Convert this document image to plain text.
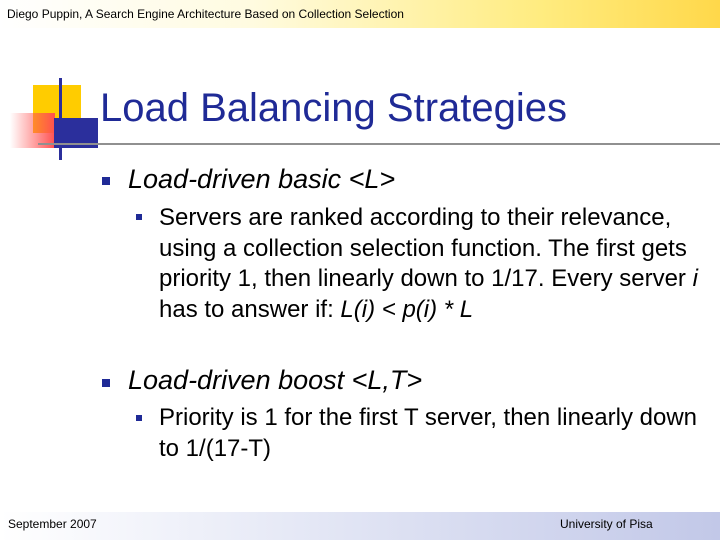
Diego Puppin, A Search Engine Architecture Based on Collection Selection
Load Balancing Strategies
Load-driven basic <L>
Servers are ranked according to their relevance, using a collection selection function. The first gets priority 1, then linearly down to 1/17. Every server i has to answer if: L(i) < p(i) * L
Load-driven boost <L,T>
Priority is 1 for the first T server, then linearly down to 1/(17-T)
September 2007	University of Pisa
